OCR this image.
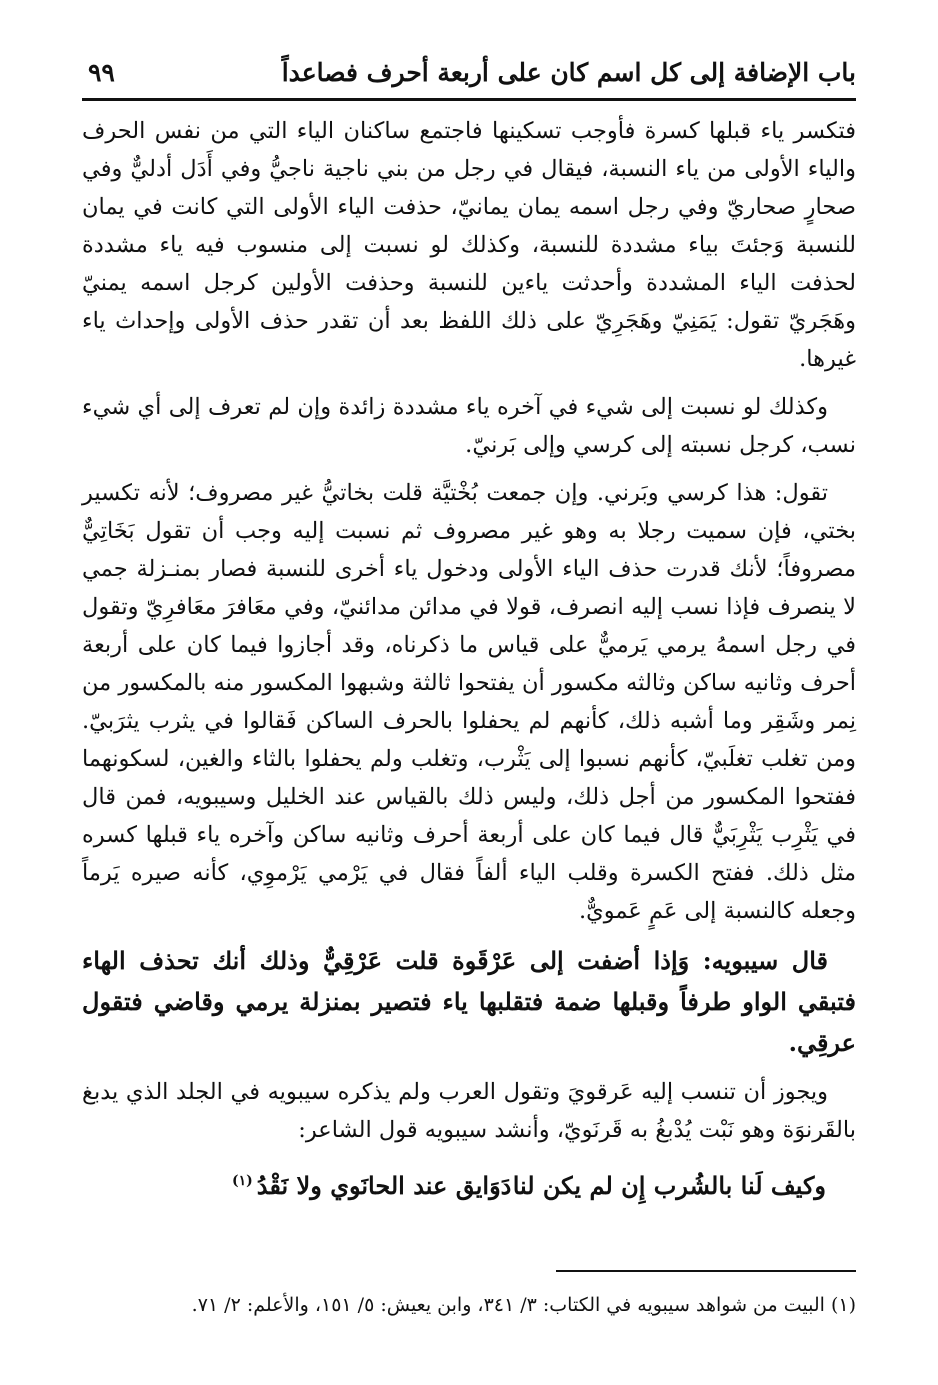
باب الإضافة إلى كل اسم كان على أربعة أحرف فصاعداً
٩٩

فتكسر ياء قبلها كسرة فأوجب تسكينها فاجتمع ساكنان الياء التي من نفس الحرف والياء الأولى من ياء النسبة، فيقال في رجل من بني ناجية ناجيُّ وفي أَدَل أدليٌّ وفي صحارٍ صحاريّ وفي رجل اسمه يمان يمانيّ، حذفت الياء الأولى التي كانت في يمان للنسبة وَجئتَ بياء مشددة للنسبة، وكذلك لو نسبت إلى منسوب فيه ياء مشددة لحذفت الياء المشددة وأحدثت ياءين للنسبة وحذفت الأولين كرجل اسمه يمنيّ وهَجَريّ تقول: يَمَنِيّ وهَجَرِيّ على ذلك اللفظ بعد أن تقدر حذف الأولى وإحداث ياء غيرها.

وكذلك لو نسبت إلى شيء في آخره ياء مشددة زائدة وإن لم تعرف إلى أي شيء نسب، كرجل نسبته إلى كرسي وإلى بَرنيّ.

تقول: هذا كرسي وبَرني. وإن جمعت بُخْتيَّة قلت بخاتيُّ غير مصروف؛ لأنه تكسير بختي، فإن سميت رجلا به وهو غير مصروف ثم نسبت إليه وجب أن تقول بَخَاتِيٌّ مصروفاً؛ لأنك قدرت حذف الياء الأولى ودخول ياء أخرى للنسبة فصار بمنـزلة جمي لا ينصرف فإذا نسب إليه انصرف، قولا في مدائن مدائنيّ، وفي معَافرَ معَافرِيّ وتقول في رجل اسمهُ يرمي يَرميٌّ على قياس ما ذكرناه، وقد أجازوا فيما كان على أربعة أحرف وثانيه ساكن وثالثه مكسور أن يفتحوا ثالثة وشبهوا المكسور منه بالمكسور من نِمر وشَقِر وما أشبه ذلك، كأنهم لم يحفلوا بالحرف الساكن فَقالوا في يثرب يثرَبيّ. ومن تغلب تغلَبيّ، كأنهم نسبوا إلى يَثْرب، وتغلب ولم يحفلوا بالثاء والغين، لسكونهما ففتحوا المكسور من أجل ذلك، وليس ذلك بالقياس عند الخليل وسيبويه، فمن قال في يَثْرِب يَثْرِبَيٌّ قال فيما كان على أربعة أحرف وثانيه ساكن وآخره ياء قبلها كسره مثل ذلك. ففتح الكسرة وقلب الياء ألفاً فقال في يَرْمي يَرْموِي، كأنه صيره يَرماً وجعله كالنسبة إلى عَمٍ عَمويٌّ.

قال سيبويه: وَإذا أضفت إلى عَرْقَوة قلت عَرْقِيٌّ وذلك أنك تحذف الهاء فتبقي الواو طرفاً وقبلها ضمة فتقلبها ياء فتصير بمنزلة يرمي وقاضي فتقول عرقِي.

ويجوز أن تنسب إليه عَرقويَ وتقول العرب ولم يذكره سيبويه في الجلد الذي يدبغ بالقَرنوَة وهو نَبْت يُدْبغُ به قَرنَويّ، وأنشد سيبويه قول الشاعر:

وكيف لَنا بالشُرب إِن لم يكن لنا
دَوَايق عند الحانَوي ولا نَقْدُ$^{(١)}$
(١) البيت من شواهد سيبويه في الكتاب: ٣/ ٣٤١، وابن يعيش: ٥/ ١٥١، والأعلم: ٢/ ٧١.
